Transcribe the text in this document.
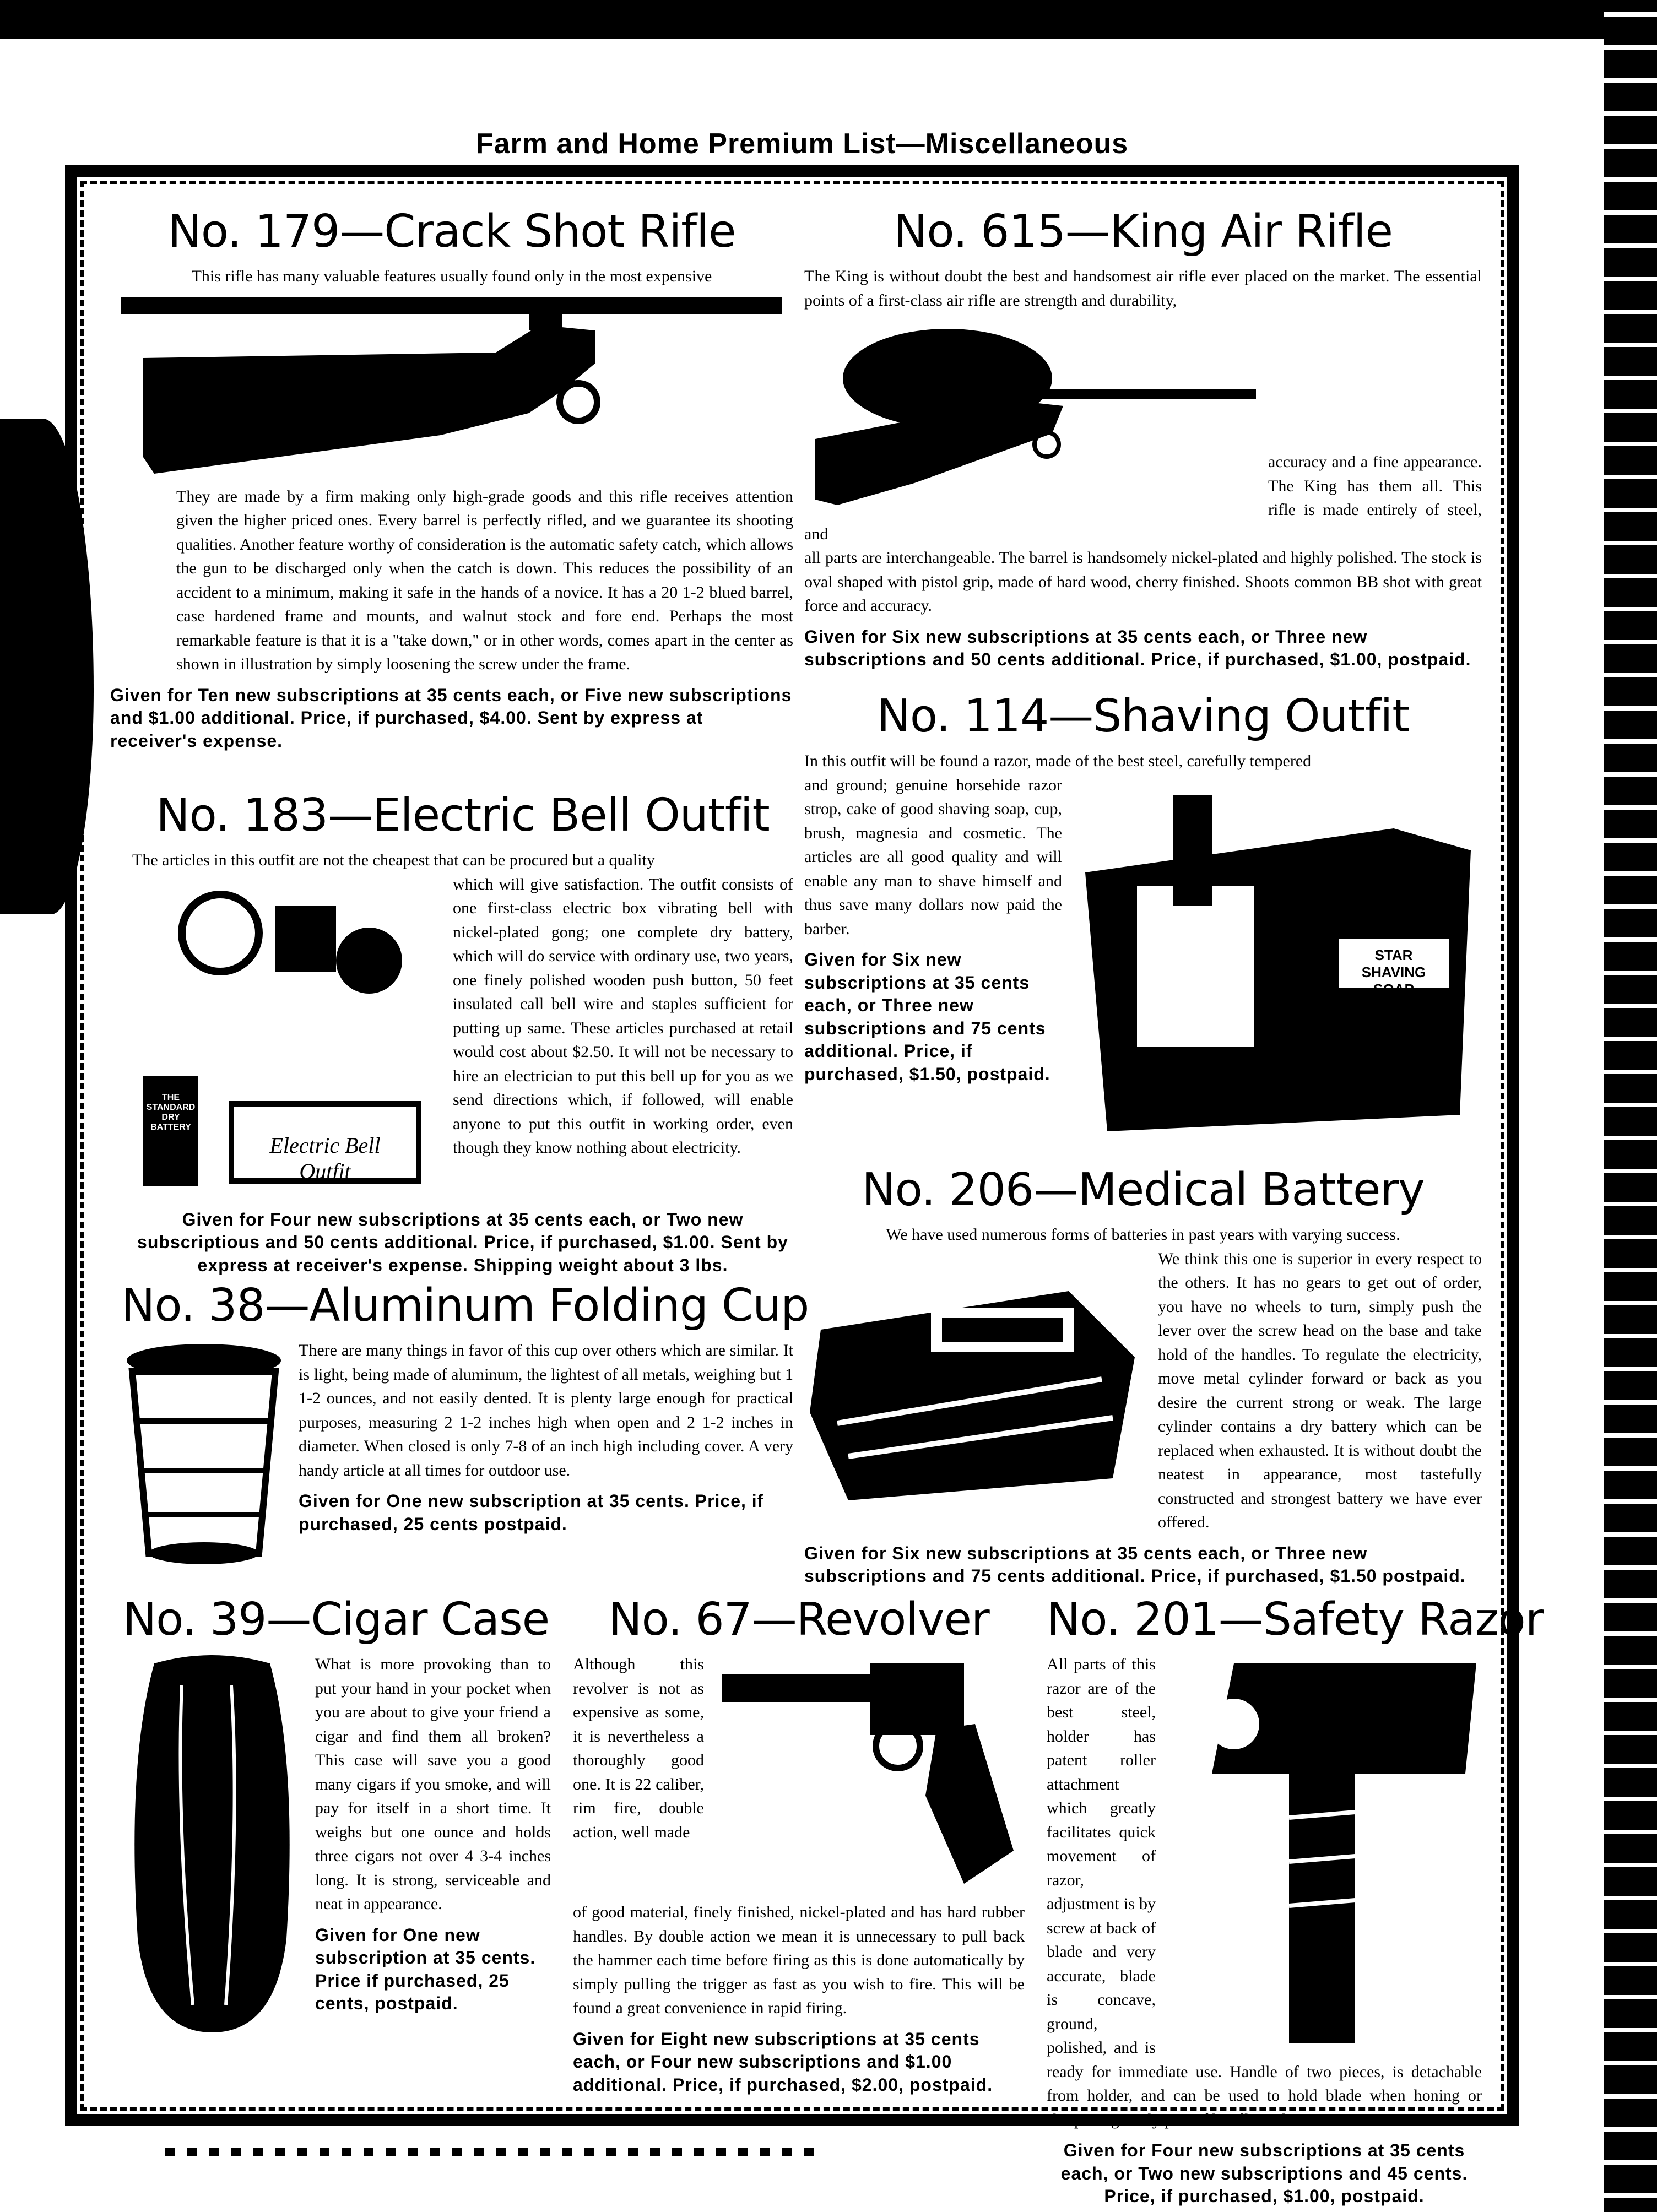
Farm and Home Premium List—Miscellaneous
No. 179—Crack Shot Rifle

This rifle has many valuable features usually found only in the most expensive

They are made by a firm making only high-grade goods and this rifle receives attention given the higher priced ones. Every barrel is perfectly rifled, and we guarantee its shooting qualities. Another feature worthy of consideration is the automatic safety catch, which allows the gun to be discharged only when the catch is down. This reduces the possibility of an accident to a minimum, making it safe in the hands of a novice. It has a 20 1-2 blued barrel, case hardened frame and mounts, and walnut stock and fore end. Perhaps the most remarkable feature is that it is a "take down," or in other words, comes apart in the center as shown in illustration by simply loosening the screw under the frame.

Given for Ten new subscriptions at 35 cents each, or Five new subscriptions and $1.00 additional. Price, if purchased, $4.00. Sent by express at receiver's expense.

No. 615—King Air Rifle

The King is without doubt the best and handsomest air rifle ever placed on the market. The essential points of a first-class air rifle are strength and durability,

accuracy and a fine appearance. The King has them all. This rifle is made entirely of steel, and

all parts are interchangeable. The barrel is handsomely nickel-plated and highly polished. The stock is oval shaped with pistol grip, made of hard wood, cherry finished. Shoots common BB shot with great force and accuracy.

Given for Six new subscriptions at 35 cents each, or Three new subscriptions and 50 cents additional. Price, if purchased, $1.00, postpaid.

No. 183—Electric Bell Outfit

The articles in this outfit are not the cheapest that can be procured but a quality

THE STANDARD DRY BATTERY
Electric Bell Outfit

which will give satisfaction. The outfit consists of one first-class electric box vibrating bell with nickel-plated gong; one complete dry battery, which will do service with ordinary use, two years, one finely polished wooden push button, 50 feet insulated call bell wire and staples sufficient for putting up same. These articles purchased at retail would cost about $2.50. It will not be necessary to hire an electrician to put this bell up for you as we send directions which, if followed, will enable anyone to put this outfit in working order, even though they know nothing about electricity.

Given for Four new subscriptions at 35 cents each, or Two new subscriptious and 50 cents additional. Price, if purchased, $1.00. Sent by express at receiver's expense. Shipping weight about 3 lbs.

No. 114—Shaving Outfit

In this outfit will be found a razor, made of the best steel, carefully tempered

STAR SHAVING SOAP

and ground; genuine horsehide razor strop, cake of good shaving soap, cup, brush, magnesia and cosmetic. The articles are all good quality and will enable any man to shave himself and thus save many dollars now paid the barber.

Given for Six new subscriptions at 35 cents each, or Three new subscriptions and 75 cents additional. Price, if purchased, $1.50, postpaid.

No. 38—Aluminum Folding Cup

There are many things in favor of this cup over others which are similar. It is light, being made of aluminum, the lightest of all metals, weighing but 1 1-2 ounces, and not easily dented. It is plenty large enough for practical purposes, measuring 2 1-2 inches high when open and 2 1-2 inches in diameter. When closed is only 7-8 of an inch high including cover. A very handy article at all times for outdoor use.

Given for One new subscription at 35 cents. Price, if purchased, 25 cents postpaid.

No. 206—Medical Battery

We have used numerous forms of batteries in past years with varying success.

We think this one is superior in every respect to the others. It has no gears to get out of order, you have no wheels to turn, simply push the lever over the screw head on the base and take hold of the handles. To regulate the electricity, move metal cylinder forward or back as you desire the current strong or weak. The large cylinder contains a dry battery which can be replaced when exhausted. It is without doubt the neatest in appearance, most tastefully constructed and strongest battery we have ever offered.

Given for Six new subscriptions at 35 cents each, or Three new subscriptions and 75 cents additional. Price, if purchased, $1.50 postpaid.

No. 39—Cigar Case

What is more provoking than to put your hand in your pocket when you are about to give your friend a cigar and find them all broken? This case will save you a good many cigars if you smoke, and will pay for itself in a short time. It weighs but one ounce and holds three cigars not over 4 3-4 inches long. It is strong, serviceable and neat in appearance.

Given for One new subscription at 35 cents. Price if purchased, 25 cents, postpaid.

No. 67—Revolver

Although this revolver is not as expensive as some, it is nevertheless a thoroughly good one. It is 22 caliber, rim fire, double action, well made

of good material, finely finished, nickel-plated and has hard rubber handles. By double action we mean it is unnecessary to pull back the hammer each time before firing as this is done automatically by simply pulling the trigger as fast as you wish to fire. This will be found a great convenience in rapid firing.

Given for Eight new subscriptions at 35 cents each, or Four new subscriptions and $1.00 additional. Price, if purchased, $2.00, postpaid.

No. 201—Safety Razor

All parts of this razor are of the best steel, holder has patent roller attachment which greatly facilitates quick movement of razor, adjustment is by screw at back of blade and very accurate, blade is concave, ground, polished, and is ready for immediate use. Handle of two pieces, is detachable from holder, and can be used to hold blade when honing or sharpening. Only part of handle is shown in cut.

Given for Four new subscriptions at 35 cents each, or Two new subscriptions and 45 cents. Price, if purchased, $1.00, postpaid.
